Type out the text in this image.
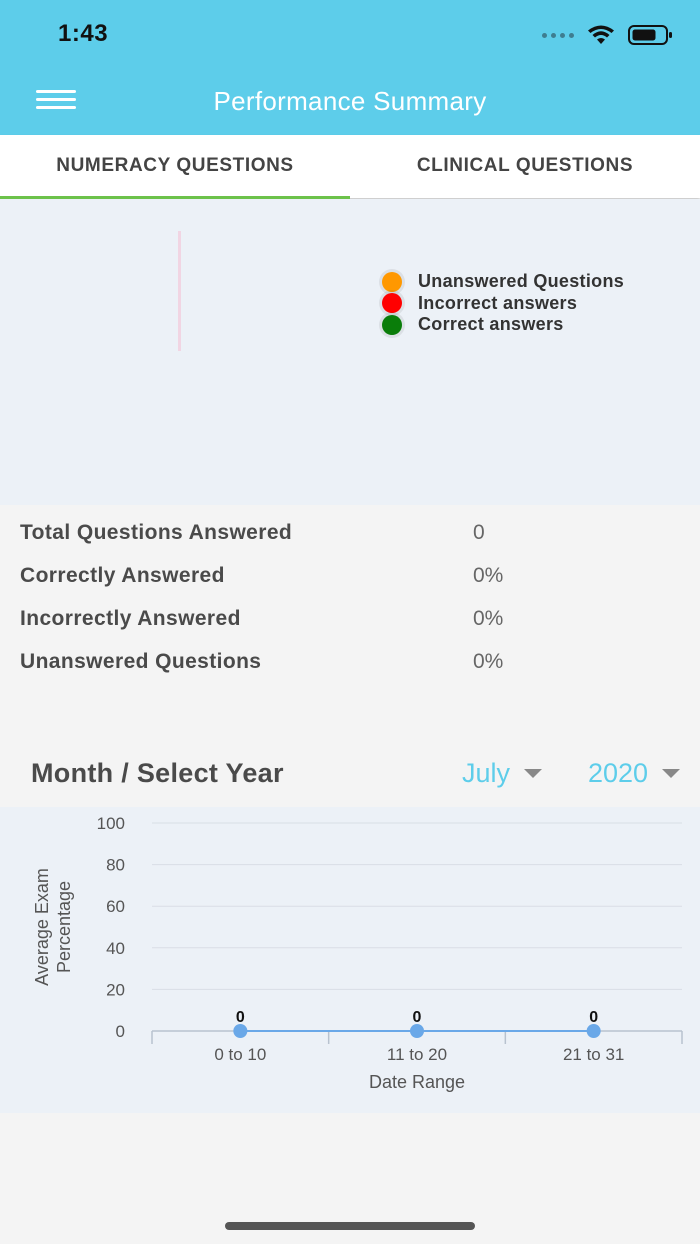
1:43
Performance Summary
NUMERACY QUESTIONS	CLINICAL QUESTIONS
Unanswered Questions
Incorrect answers
Correct answers
Total Questions Answered	0
Correctly Answered	0%
Incorrectly Answered	0%
Unanswered Questions	0%
Month / Select Year	July	2020
0
20
40
60
80
100
0
0 to 10
0
11 to 20
0
21 to 31
Date Range
Average Exam Percentage
